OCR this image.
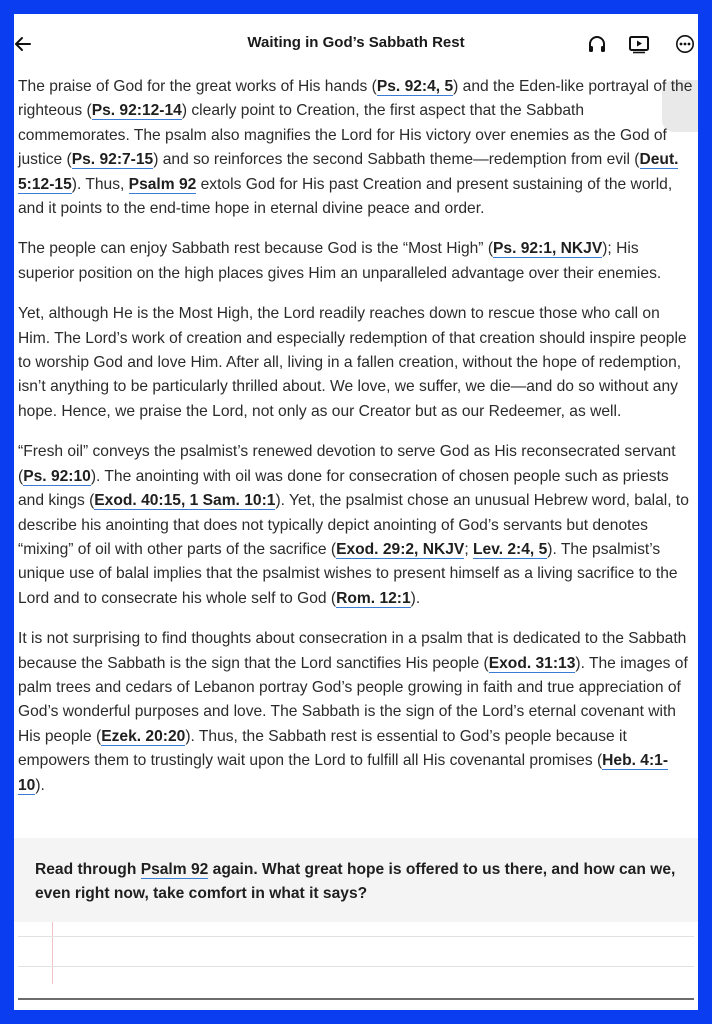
Waiting in God’s Sabbath Rest

The praise of God for the great works of His hands (Ps. 92:4, 5) and the Eden-like portrayal of the righteous (Ps. 92:12-14) clearly point to Creation, the first aspect that the Sabbath commemorates. The psalm also magnifies the Lord for His victory over enemies as the God of justice (Ps. 92:7-15) and so reinforces the second Sabbath theme—redemption from evil (Deut. 5:12-15). Thus, Psalm 92 extols God for His past Creation and present sustaining of the world, and it points to the end-time hope in eternal divine peace and order.

The people can enjoy Sabbath rest because God is the “Most High” (Ps. 92:1, NKJV); His superior position on the high places gives Him an unparalleled advantage over their enemies.

Yet, although He is the Most High, the Lord readily reaches down to rescue those who call on Him. The Lord’s work of creation and especially redemption of that creation should inspire people to worship God and love Him. After all, living in a fallen creation, without the hope of redemption, isn’t anything to be particularly thrilled about. We love, we suffer, we die—and do so without any hope. Hence, we praise the Lord, not only as our Creator but as our Redeemer, as well.

“Fresh oil” conveys the psalmist’s renewed devotion to serve God as His reconsecrated servant (Ps. 92:10). The anointing with oil was done for consecration of chosen people such as priests and kings (Exod. 40:15, 1 Sam. 10:1). Yet, the psalmist chose an unusual Hebrew word, balal, to describe his anointing that does not typically depict anointing of God’s servants but denotes “mixing” of oil with other parts of the sacrifice (Exod. 29:2, NKJV; Lev. 2:4, 5). The psalmist’s unique use of balal implies that the psalmist wishes to present himself as a living sacrifice to the Lord and to consecrate his whole self to God (Rom. 12:1).

It is not surprising to find thoughts about consecration in a psalm that is dedicated to the Sabbath because the Sabbath is the sign that the Lord sanctifies His people (Exod. 31:13). The images of palm trees and cedars of Lebanon portray God’s people growing in faith and true appreciation of God’s wonderful purposes and love. The Sabbath is the sign of the Lord’s eternal covenant with His people (Ezek. 20:20). Thus, the Sabbath rest is essential to God’s people because it empowers them to trustingly wait upon the Lord to fulfill all His covenantal promises (Heb. 4:1-10).

Read through Psalm 92 again. What great hope is offered to us there, and how can we, even right now, take comfort in what it says?
